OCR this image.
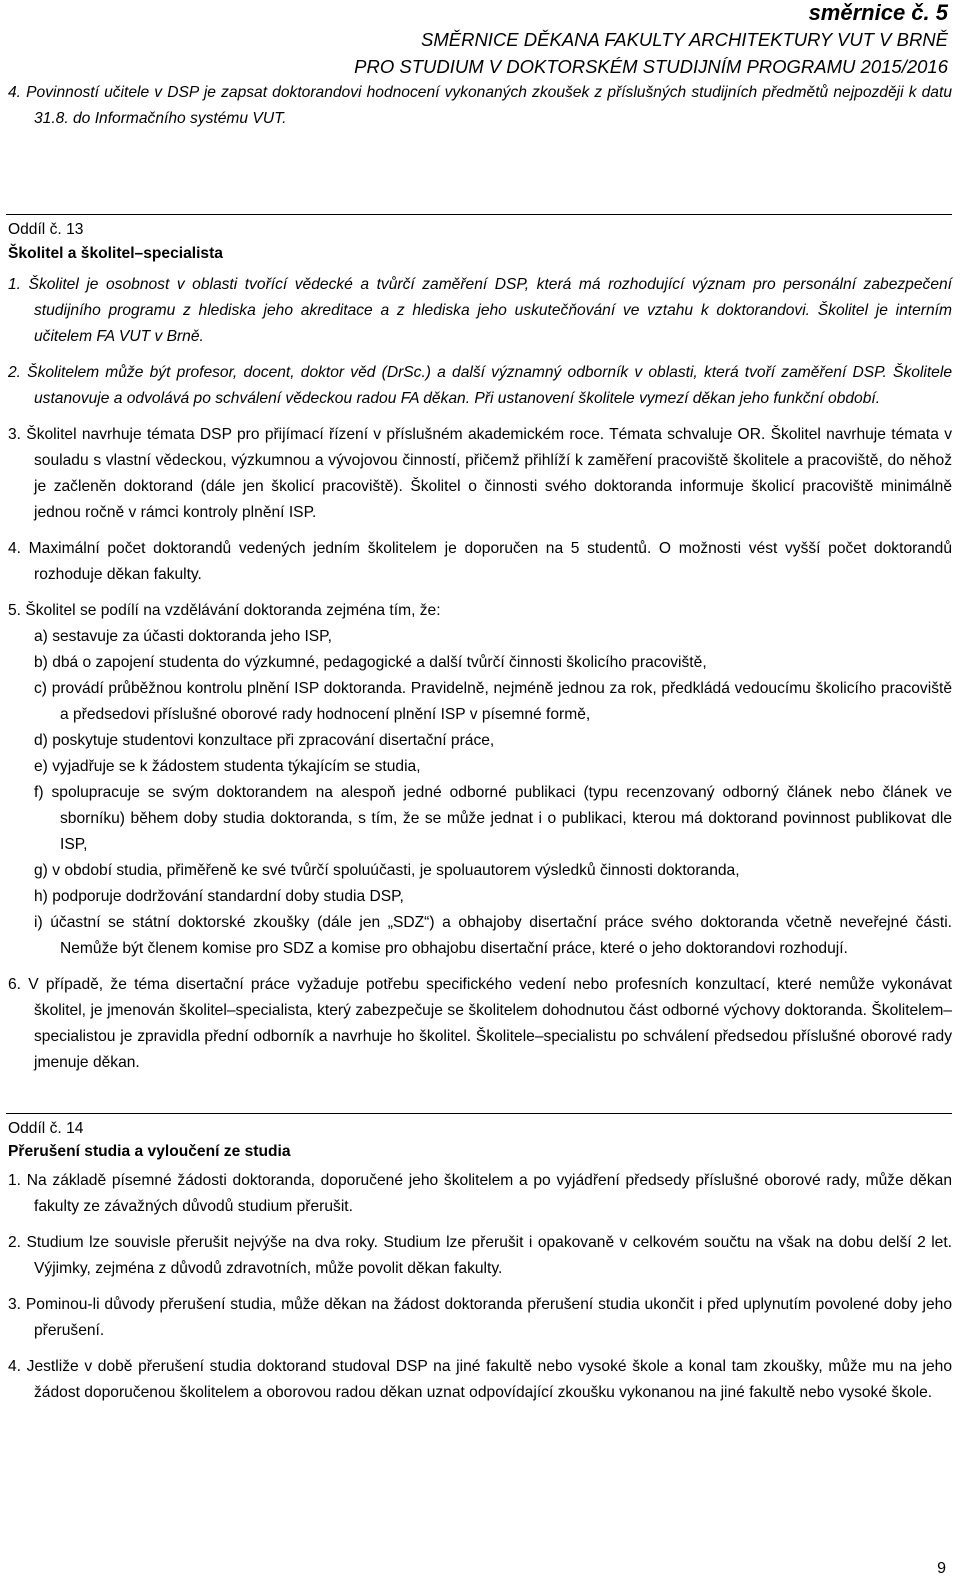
směrnice č. 5
SMĚRNICE DĚKANA FAKULTY ARCHITEKTURY VUT V BRNĚ
PRO STUDIUM V DOKTORSKÉM STUDIJNÍM PROGRAMU 2015/2016

4. Povinností učitele v DSP je zapsat doktorandovi hodnocení vykonaných zkoušek z příslušných studijních předmětů nejpozději k datu 31.8. do Informačního systému VUT.

Oddíl č. 13
Školitel a školitel–specialista

1. Školitel je osobnost v oblasti tvořící vědecké a tvůrčí zaměření DSP, která má rozhodující význam pro personální zabezpečení studijního programu z hlediska jeho akreditace a z hlediska jeho uskutečňování ve vztahu k doktorandovi. Školitel je interním učitelem FA VUT v Brně.

2. Školitelem může být profesor, docent, doktor věd (DrSc.) a další významný odborník v oblasti, která tvoří zaměření DSP. Školitele ustanovuje a odvolává po schválení vědeckou radou FA děkan. Při ustanovení školitele vymezí děkan jeho funkční období.

3. Školitel navrhuje témata DSP pro přijímací řízení v příslušném akademickém roce. Témata schvaluje OR. Školitel navrhuje témata v souladu s vlastní vědeckou, výzkumnou a vývojovou činností, přičemž přihlíží k zaměření pracoviště školitele a pracoviště, do něhož je začleněn doktorand (dále jen školicí pracoviště). Školitel o činnosti svého doktoranda informuje školicí pracoviště minimálně jednou ročně v rámci kontroly plnění ISP.

4. Maximální počet doktorandů vedených jedním školitelem je doporučen na 5 studentů. O možnosti vést vyšší počet doktorandů rozhoduje děkan fakulty.

5. Školitel se podílí na vzdělávání doktoranda zejména tím, že:

a) sestavuje za účasti doktoranda jeho ISP,

b) dbá o zapojení studenta do výzkumné, pedagogické a další tvůrčí činnosti školicího pracoviště,

c) provádí průběžnou kontrolu plnění ISP doktoranda. Pravidelně, nejméně jednou za rok, předkládá vedoucímu školicího pracoviště a předsedovi příslušné oborové rady hodnocení plnění ISP v písemné formě,

d) poskytuje studentovi konzultace při zpracování disertační práce,

e) vyjadřuje se k žádostem studenta týkajícím se studia,

f) spolupracuje se svým doktorandem na alespoň jedné odborné publikaci (typu recenzovaný odborný článek nebo článek ve sborníku) během doby studia doktoranda, s tím, že se může jednat i o publikaci, kterou má doktorand povinnost publikovat dle ISP,

g) v období studia, přiměřeně ke své tvůrčí spoluúčasti, je spoluautorem výsledků činnosti doktoranda,

h) podporuje dodržování standardní doby studia DSP,

i) účastní se státní doktorské zkoušky (dále jen „SDZ“) a obhajoby disertační práce svého doktoranda včetně neveřejné části. Nemůže být členem komise pro SDZ a komise pro obhajobu disertační práce, které o jeho doktorandovi rozhodují.

6. V případě, že téma disertační práce vyžaduje potřebu specifického vedení nebo profesních konzultací, které nemůže vykonávat školitel, je jmenován školitel–specialista, který zabezpečuje se školitelem dohodnutou část odborné výchovy doktoranda. Školitelem–specialistou je zpravidla přední odborník a navrhuje ho školitel. Školitele–specialistu po schválení předsedou příslušné oborové rady jmenuje děkan.

Oddíl č. 14
Přerušení studia a vyloučení ze studia

1. Na základě písemné žádosti doktoranda, doporučené jeho školitelem a po vyjádření předsedy příslušné oborové rady, může děkan fakulty ze závažných důvodů studium přerušit.

2. Studium lze souvisle přerušit nejvýše na dva roky. Studium lze přerušit i opakovaně v celkovém součtu na však na dobu delší 2 let. Výjimky, zejména z důvodů zdravotních, může povolit děkan fakulty.

3. Pominou-li důvody přerušení studia, může děkan na žádost doktoranda přerušení studia ukončit i před uplynutím povolené doby jeho přerušení.

4. Jestliže v době přerušení studia doktorand studoval DSP na jiné fakultě nebo vysoké škole a konal tam zkoušky, může mu na jeho žádost doporučenou školitelem a oborovou radou děkan uznat odpovídající zkoušku vykonanou na jiné fakultě nebo vysoké škole.

9
